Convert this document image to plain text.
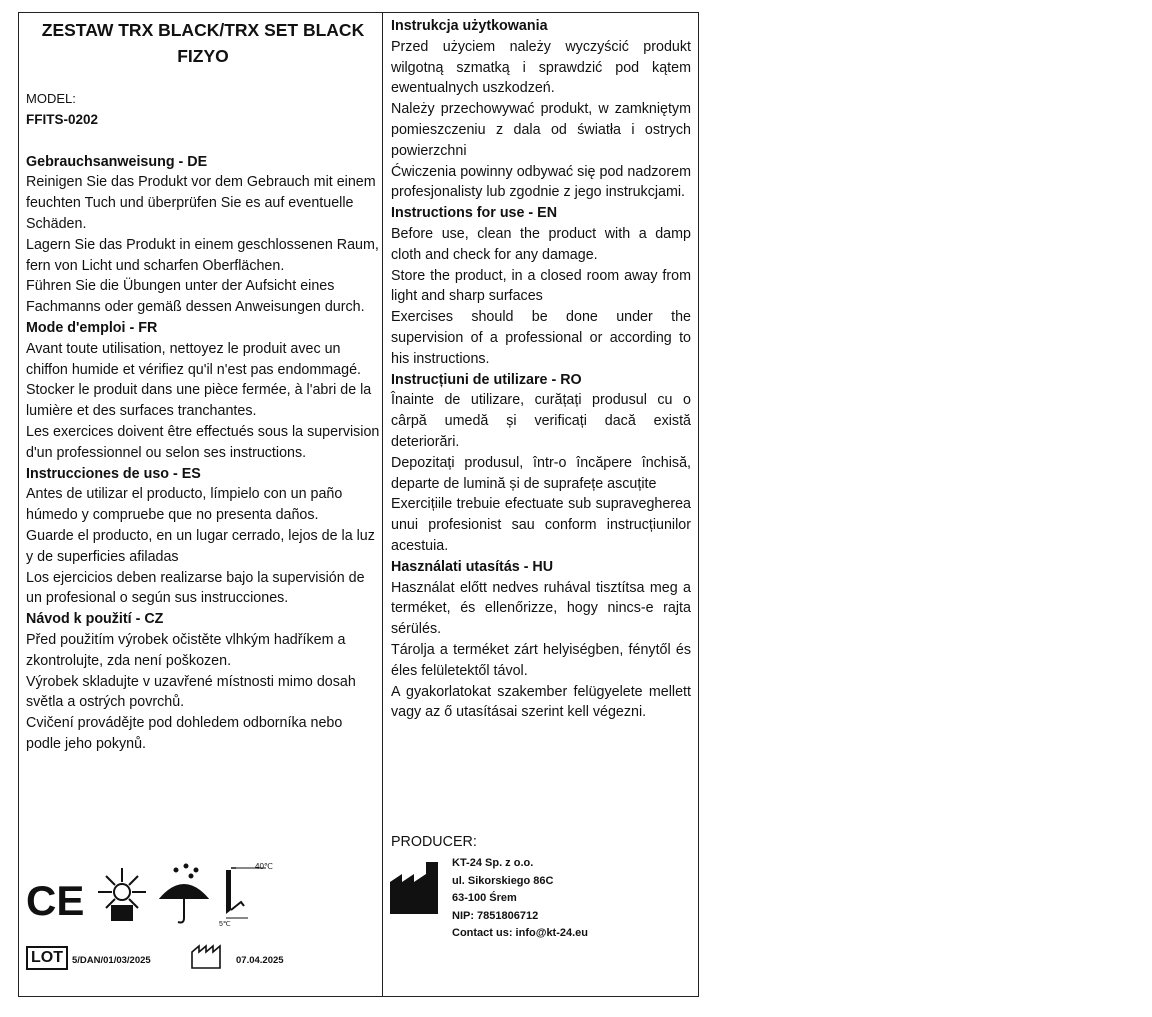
ZESTAW TRX BLACK/TRX SET BLACK
FIZYO
MODEL:
FFITS-0202
Gebrauchsanweisung - DE
Reinigen Sie das Produkt vor dem Gebrauch mit einem feuchten Tuch und überprüfen Sie es auf eventuelle Schäden.
Lagern Sie das Produkt in einem geschlossenen Raum, fern von Licht und scharfen Oberflächen.
Führen Sie die Übungen unter der Aufsicht eines Fachmanns oder gemäß dessen Anweisungen durch.
Mode d'emploi - FR
Avant toute utilisation, nettoyez le produit avec un chiffon humide et vérifiez qu'il n'est pas endommagé.
Stocker le produit dans une pièce fermée, à l'abri de la lumière et des surfaces tranchantes.
Les exercices doivent être effectués sous la supervision d'un professionnel ou selon ses instructions.
Instrucciones de uso - ES
Antes de utilizar el producto, límpielo con un paño húmedo y compruebe que no presenta daños.
Guarde el producto, en un lugar cerrado, lejos de la luz y de superficies afiladas
Los ejercicios deben realizarse bajo la supervisión de un profesional o según sus instrucciones.
Návod k použití - CZ
Před použitím výrobek očistěte vlhkým hadříkem a zkontrolujte, zda není poškozen.
Výrobek skladujte v uzavřené místnosti mimo dosah světla a ostrých povrchů.
Cvičení provádějte pod dohledem odborníka nebo podle jeho pokynů.
CE
40℃
5℃
LOT 5/DAN/01/03/2025	07.04.2025
Instrukcja użytkowania
Przed użyciem należy wyczyścić produkt wilgotną szmatką i sprawdzić pod kątem ewentualnych uszkodzeń.
Należy przechowywać produkt, w zamkniętym pomieszczeniu z dala od światła i ostrych powierzchni
Ćwiczenia powinny odbywać się pod nadzorem profesjonalisty lub zgodnie z jego instrukcjami.
Instructions for use - EN
Before use, clean the product with a damp cloth and check for any damage.
Store the product, in a closed room away from light and sharp surfaces
Exercises should be done under the supervision of a professional or according to his instructions.
Instrucțiuni de utilizare - RO
Înainte de utilizare, curățați produsul cu o cârpă umedă și verificați dacă există deteriorări.
Depozitați produsul, într-o încăpere închisă, departe de lumină și de suprafețe ascuțite
Exercițiile trebuie efectuate sub supravegherea unui profesionist sau conform instrucțiunilor acestuia.
Használati utasítás - HU
Használat előtt nedves ruhával tisztítsa meg a terméket, és ellenőrizze, hogy nincs-e rajta sérülés.
Tárolja a terméket zárt helyiségben, fénytől és éles felületektől távol.
A gyakorlatokat szakember felügyelete mellett vagy az ő utasításai szerint kell végezni.
PRODUCER:
KT-24 Sp. z o.o.
ul. Sikorskiego 86C
63-100 Śrem
NIP: 7851806712
Contact us: info@kt-24.eu
